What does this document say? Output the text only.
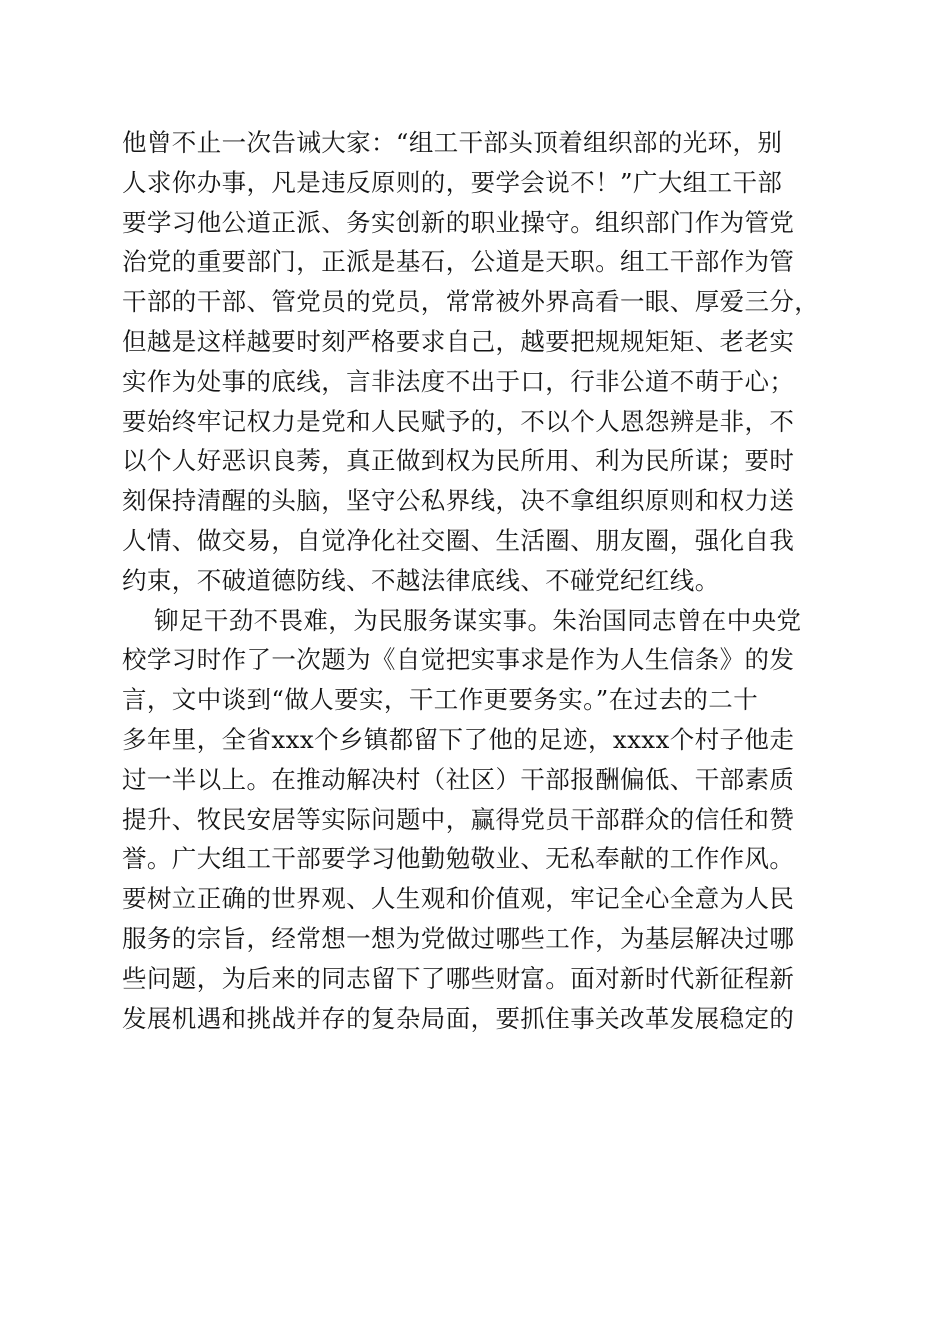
他曾不止一次告诫大家：“组工干部头顶着组织部的光环，别
人求你办事，凡是违反原则的，要学会说不！”广大组工干部
要学习他公道正派、务实创新的职业操守。组织部门作为管党
治党的重要部门，正派是基石，公道是天职。组工干部作为管
干部的干部、管党员的党员，常常被外界高看一眼、厚爱三分，
但越是这样越要时刻严格要求自己，越要把规规矩矩、老老实
实作为处事的底线，言非法度不出于口，行非公道不萌于心；
要始终牢记权力是党和人民赋予的，不以个人恩怨辨是非，不
以个人好恶识良莠，真正做到权为民所用、利为民所谋；要时
刻保持清醒的头脑，坚守公私界线，决不拿组织原则和权力送
人情、做交易，自觉净化社交圈、生活圈、朋友圈，强化自我
约束，不破道德防线、不越法律底线、不碰党纪红线。
铆足干劲不畏难，为民服务谋实事。朱治国同志曾在中央党
校学习时作了一次题为《自觉把实事求是作为人生信条》的发
言，文中谈到“做人要实，干工作更要务实。”在过去的二十
多年里，全省xxx个乡镇都留下了他的足迹，xxxx个村子他走
过一半以上。在推动解决村（社区）干部报酬偏低、干部素质
提升、牧民安居等实际问题中，赢得党员干部群众的信任和赞
誉。广大组工干部要学习他勤勉敬业、无私奉献的工作作风。
要树立正确的世界观、人生观和价值观，牢记全心全意为人民
服务的宗旨，经常想一想为党做过哪些工作，为基层解决过哪
些问题，为后来的同志留下了哪些财富。面对新时代新征程新
发展机遇和挑战并存的复杂局面，要抓住事关改革发展稳定的
